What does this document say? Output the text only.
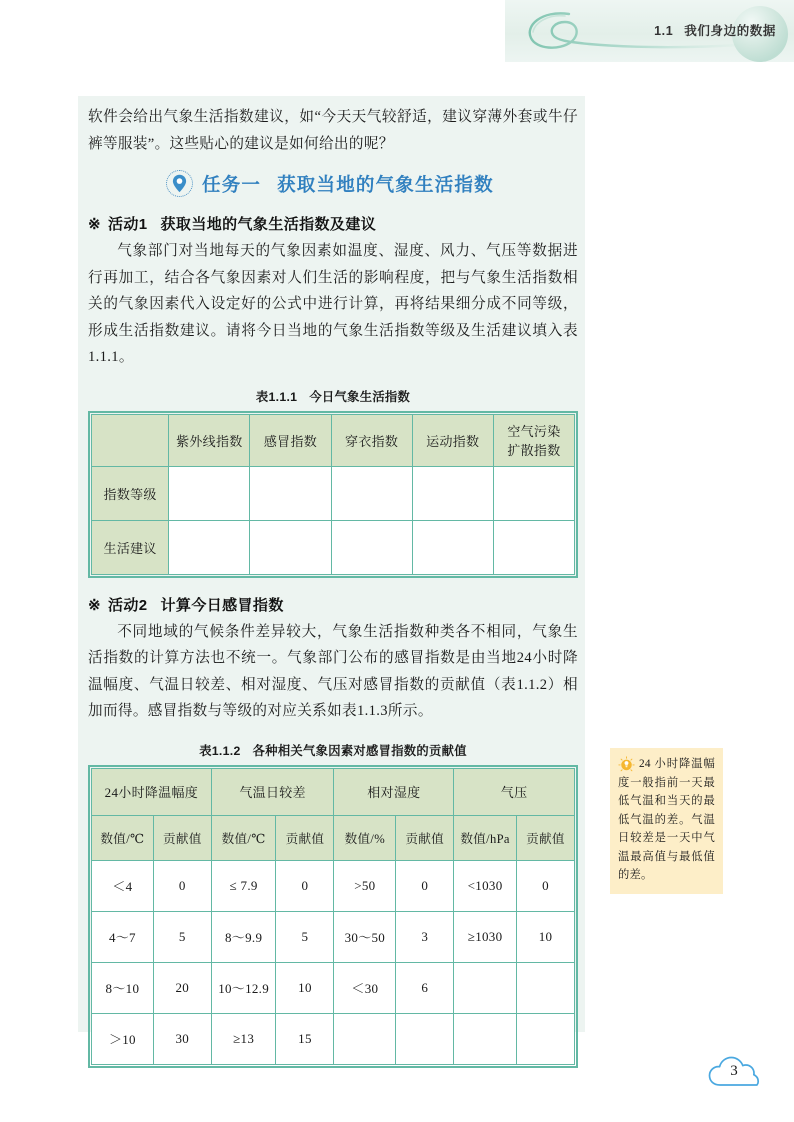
1.1 我们身边的数据

软件会给出气象生活指数建议，如“今天天气较舒适，建议穿薄外套或牛仔裤等服装”。这些贴心的建议是如何给出的呢？

任务一 获取当地的气象生活指数
※ 活动1 获取当地的气象生活指数及建议

气象部门对当地每天的气象因素如温度、湿度、风力、气压等数据进行再加工，结合各气象因素对人们生活的影响程度，把与气象生活指数相关的气象因素代入设定好的公式中进行计算，再将结果细分成不同等级，形成生活指数建议。请将今日当地的气象生活指数等级及生活建议填入表1.1.1。

表1.1.1 今日气象生活指数
	紫外线指数	感冒指数	穿衣指数	运动指数	空气污染
扩散指数
指数等级					
生活建议					
※ 活动2 计算今日感冒指数

不同地域的气候条件差异较大，气象生活指数种类各不相同，气象生活指数的计算方法也不统一。气象部门公布的感冒指数是由当地24小时降温幅度、气温日较差、相对湿度、气压对感冒指数的贡献值（表1.1.2）相加而得。感冒指数与等级的对应关系如表1.1.3所示。

表1.1.2 各种相关气象因素对感冒指数的贡献值
24小时降温幅度		气温日较差		相对湿度		气压	
数值/℃	贡献值	数值/℃	贡献值	数值/%	贡献值	数值/hPa	贡献值
＜4	0	≤ 7.9	0	>50	0	<1030	0
4～7	5	8～9.9	5	30～50	3	≥1030	10
8～10	20	10～12.9	10	＜30	6		
＞10	30	≥13	15				
24 小时降温幅度一般指前一天最低气温和当天的最低气温的差。气温日较差是一天中气温最高值与最低值的差。
3
